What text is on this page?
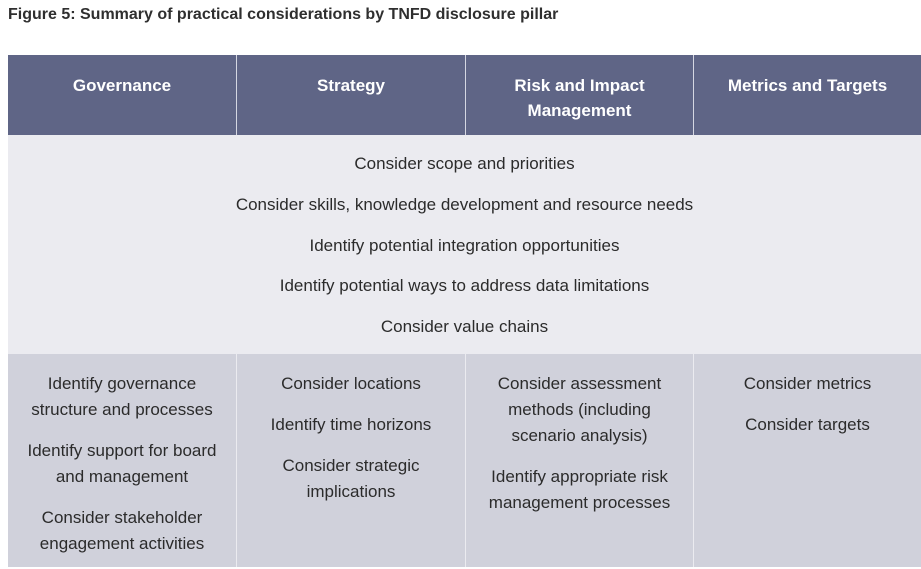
Figure 5: Summary of practical considerations by TNFD disclosure pillar
Governance	Strategy	Risk and Impact Management
Metrics and Targets
Consider scope and priorities
Consider skills, knowledge development and resource needs
Identify potential integration opportunities
Identify potential ways to address data limitations
Consider value chains
Identify governance structure and processes
Identify support for board and management
Consider stakeholder engagement activities
Consider locations
Identify time horizons
Consider strategic implications
Consider assessment methods (including scenario analysis)
Identify appropriate risk management processes
Consider metrics
Consider targets
